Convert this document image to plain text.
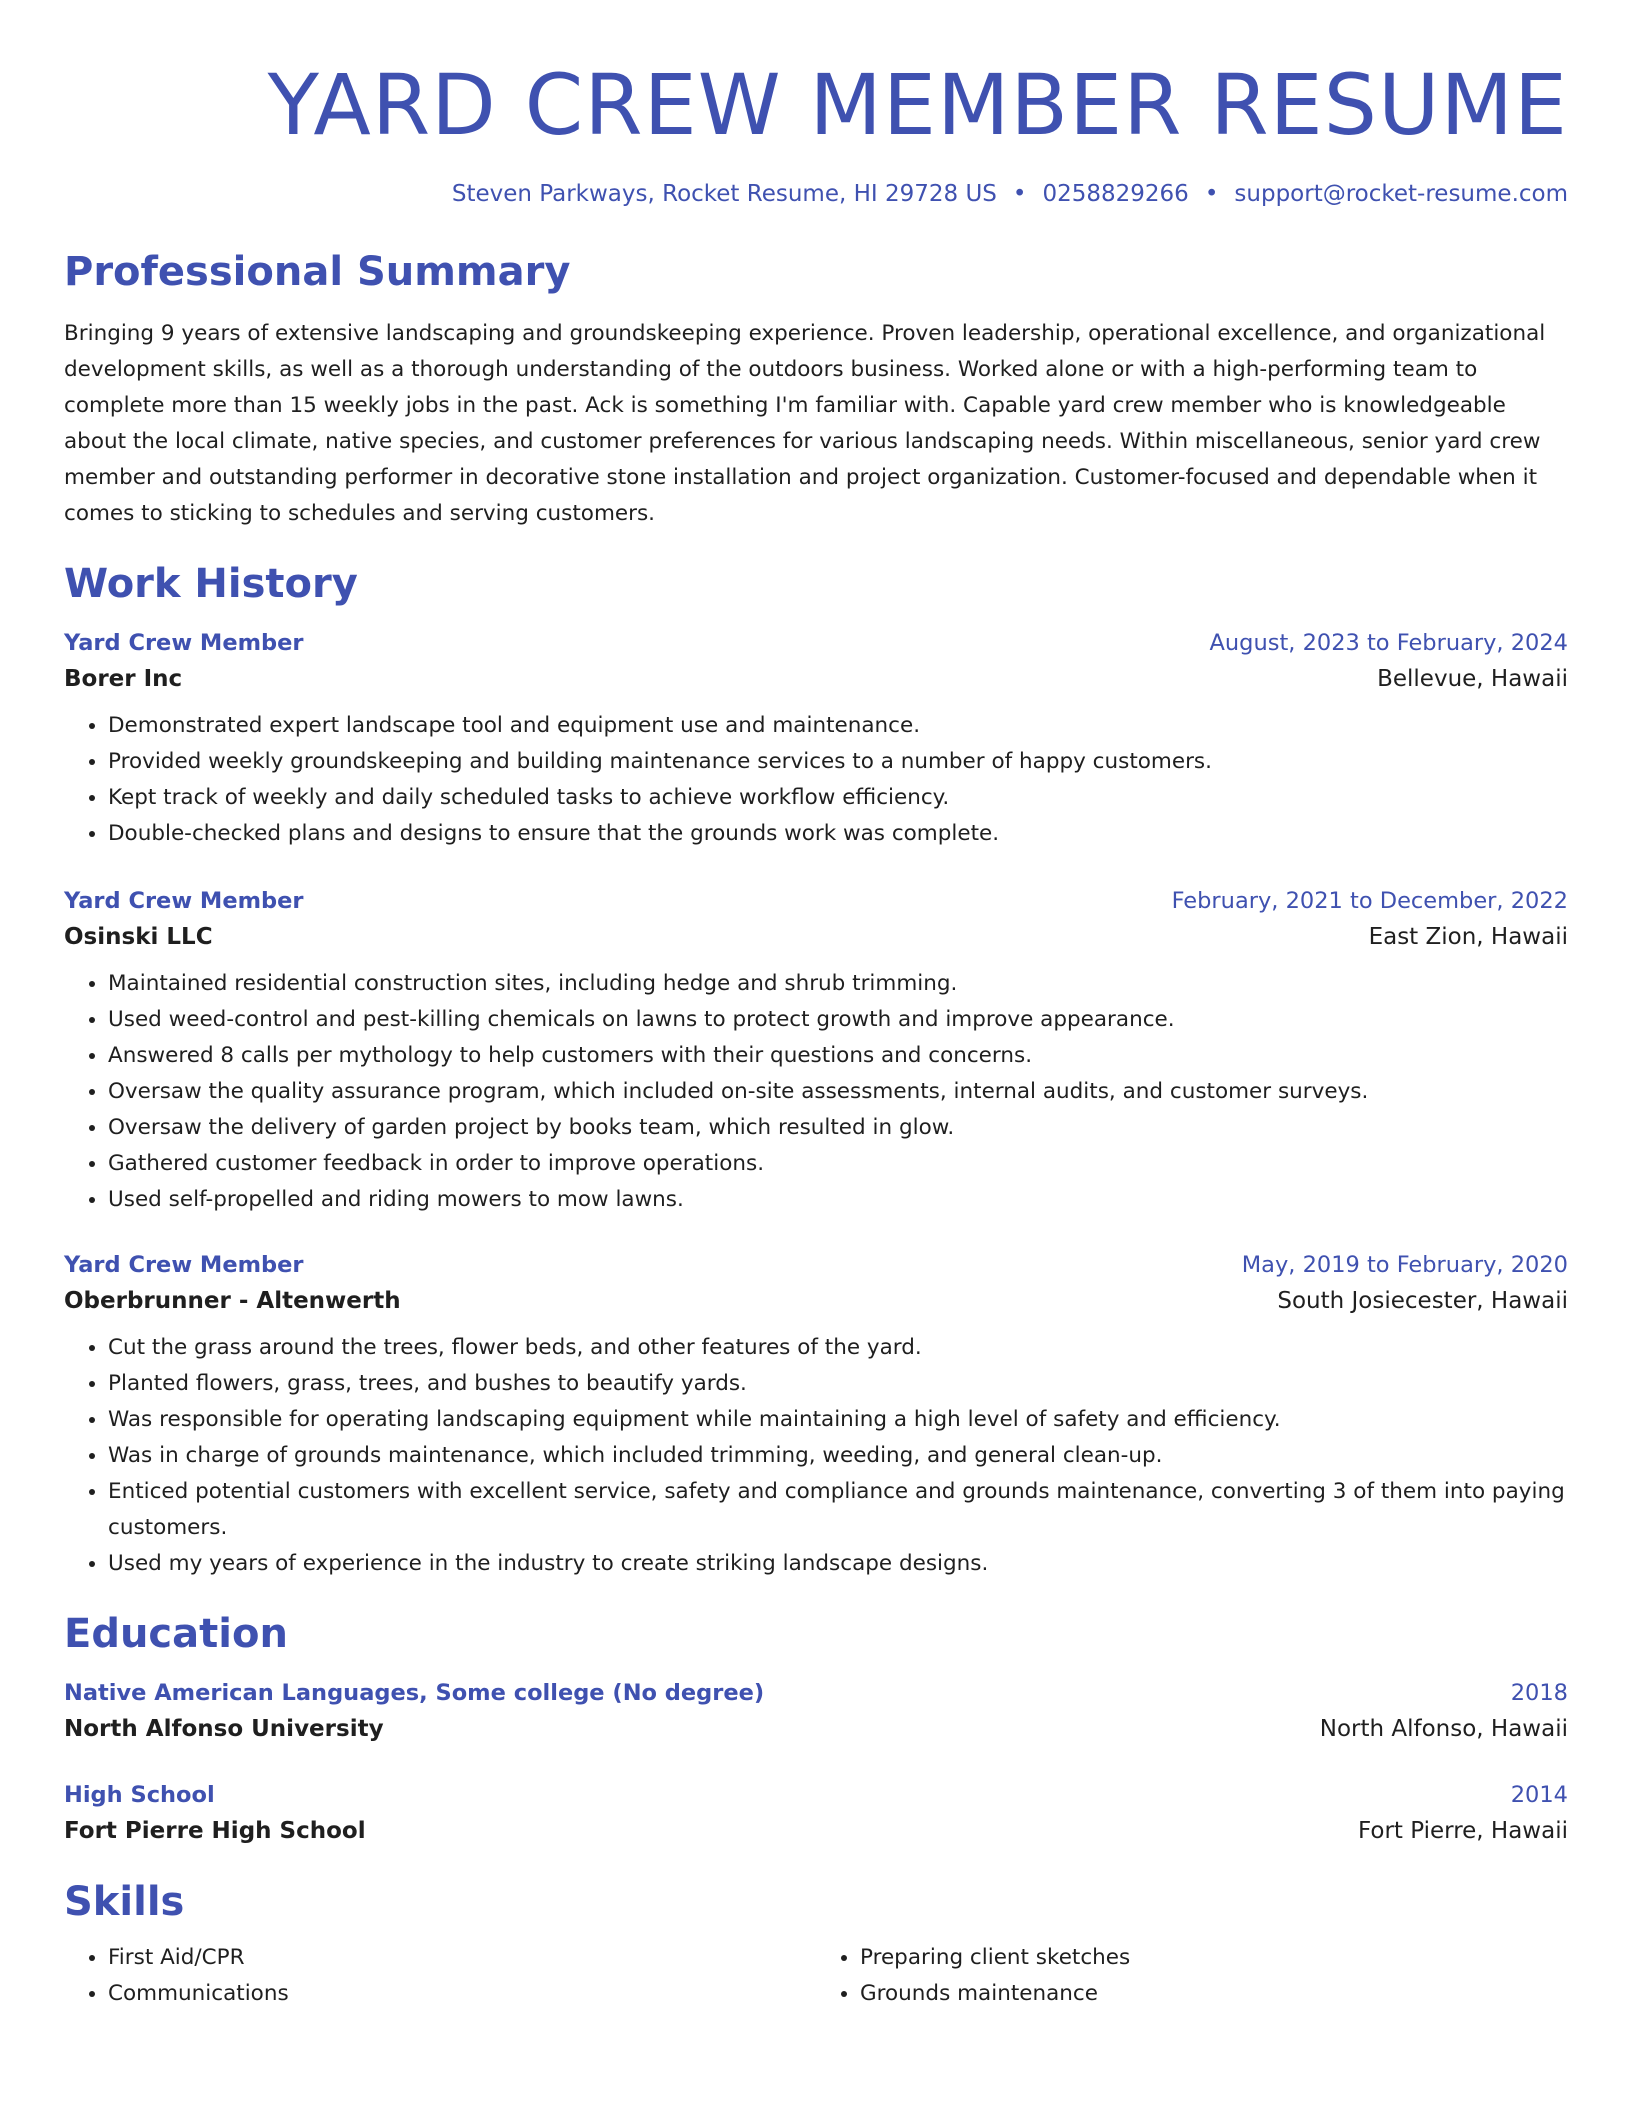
YARD CREW MEMBER RESUME
Steven Parkways, Rocket Resume, HI 29728 US • 0258829266 • support@rocket-resume.com
Professional Summary

Bringing 9 years of extensive landscaping and groundskeeping experience. Proven leadership, operational excellence, and organizational development skills, as well as a thorough understanding of the outdoors business. Worked alone or with a high-performing team to complete more than 15 weekly jobs in the past. Ack is something I'm familiar with. Capable yard crew member who is knowledgeable about the local climate, native species, and customer preferences for various landscaping needs. Within miscellaneous, senior yard crew member and outstanding performer in decorative stone installation and project organization. Customer-focused and dependable when it comes to sticking to schedules and serving customers.

Work History
Yard Crew Member	August, 2023 to February, 2024
Borer Inc	Bellevue, Hawaii
• Demonstrated expert landscape tool and equipment use and maintenance.
• Provided weekly groundskeeping and building maintenance services to a number of happy customers.
• Kept track of weekly and daily scheduled tasks to achieve workflow efficiency.
• Double-checked plans and designs to ensure that the grounds work was complete.
Yard Crew Member	February, 2021 to December, 2022
Osinski LLC	East Zion, Hawaii
• Maintained residential construction sites, including hedge and shrub trimming.
• Used weed-control and pest-killing chemicals on lawns to protect growth and improve appearance.
• Answered 8 calls per mythology to help customers with their questions and concerns.
• Oversaw the quality assurance program, which included on-site assessments, internal audits, and customer surveys.
• Oversaw the delivery of garden project by books team, which resulted in glow.
• Gathered customer feedback in order to improve operations.
• Used self-propelled and riding mowers to mow lawns.
Yard Crew Member	May, 2019 to February, 2020
Oberbrunner - Altenwerth	South Josiecester, Hawaii
• Cut the grass around the trees, flower beds, and other features of the yard.
• Planted flowers, grass, trees, and bushes to beautify yards.
• Was responsible for operating landscaping equipment while maintaining a high level of safety and efficiency.
• Was in charge of grounds maintenance, which included trimming, weeding, and general clean-up.
• Enticed potential customers with excellent service, safety and compliance and grounds maintenance, converting 3 of them into paying customers.
• Used my years of experience in the industry to create striking landscape designs.
Education
Native American Languages, Some college (No degree)	2018
North Alfonso University	North Alfonso, Hawaii
High School	2014
Fort Pierre High School	Fort Pierre, Hawaii
Skills
• First Aid/CPR
• Communications
• Preparing client sketches
• Grounds maintenance
